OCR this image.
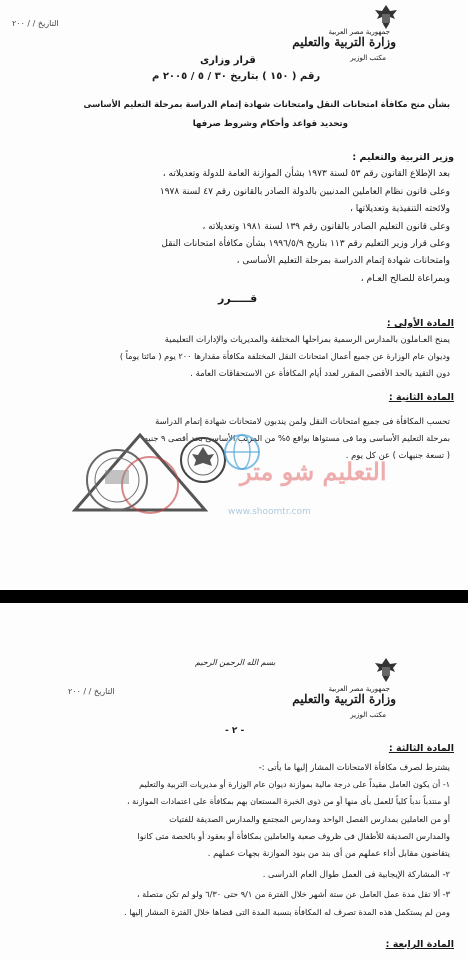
جمهورية مصر العربية
وزارة التربية والتعليم
مكتب الوزير
التاريخ / / ٢٠٠
قرار وزارى
رقم ( ١٥٠ ) بتاريخ ٣٠ / ٥ / ٢٠٠٥ م
بشأن منح مكافأة امتحانات النقل وامتحانات شهادة إتمام الدراسة بمرحلة التعليم الأساسى
وتحديد قواعد وأحكام وشروط صرفها
وزير التربية والتعليم :
بعد الإطلاع القانون رقم ٥٣ لسنة ١٩٧٣ بشأن الموازنة العامة للدولة وتعديلاته ،
وعلى قانون نظام العاملين المدنيين بالدولة الصادر بالقانون رقم ٤٧ لسنة ١٩٧٨
ولائحته التنفيذية وتعديلاتها ،
وعلى قانون التعليم الصادر بالقانون رقم ١٣٩ لسنة ١٩٨١ وتعديلاته ،
وعلى قرار وزير التعليم رقم ١١٣ بتاريخ ١٩٩٦/٥/٩ بشأن مكافأة امتحانات النقل
وامتحانات شهادة إتمام الدراسة بمرحلة التعليم الأساسى ،
وبمراعاة للصالح العـام ،
قـــــرر
المادة الأولى :
يمنح العـاملون بالمدارس الرسمية بمراحلها المختلفة والمديريات والإدارات التعليمية
وديوان عام الوزارة عن جميع أعمال امتحانات النقل المختلفة مكافأة مقدارها ٢٠٠ يوم ( مائتا يوماً )
دون التقيد بالحد الأقصى المقرر لعدد أيام المكافأة عن الاستحقاقات العامة .
المادة الثانية :
تحسب المكافأة فى جميع امتحانات النقل ولمن يندبون لامتحانات شهادة إتمام الدراسة
بمرحلة التعليم الأساسى وما فى مستواها بواقع ٥% من المرتب الأساسى بحد أقصى ٩ جنيه
( تسعة جنيهات ) عن كل يوم .
التعليم شو متر
www.shoomtr.com
بسم الله الرحمن الرحيم
جمهورية مصر العربية
وزارة التربية والتعليم
مكتب الوزير
التاريخ / / ٢٠٠
- ٢ -
المادة الثالثة :
يشترط لصرف مكافأة الامتحانات المشار إليها ما يأتى :-
١- أن يكون العامل مقيداً على درجة مالية بموازنة ديوان عام الوزارة أو مديريات التربية والتعليم
أو منتدباً ندباً كلياً للعمل بأى منها أو من ذوى الخبرة المستعان بهم بمكافأة على اعتمادات الموازنة ،
أو من العاملين بمدارس الفصل الواحد ومدارس المجتمع والمدارس الصديقة للفتيات
والمدارس الصديقة للأطفال فى ظروف صعبة والعاملين بمكافأة أو بعقود أو بالحصة متى كانوا
يتقاضون مقابل أداء عملهم من أى بند من بنود الموازنة بجهات عملهم .
٢- المشاركة الإيجابية فى العمل طوال العام الدراسى .
٣- ألا تقل مدة عمل العامل عن ستة أشهر خلال الفترة من ٩/١ حتى ٦/٣٠ ولو لم تكن متصلة ،
ومن لم يستكمل هذه المدة تصرف له المكافأة بنسبة المدة التى قضاها خلال الفترة المشار إليها .
المادة الرابعة :
